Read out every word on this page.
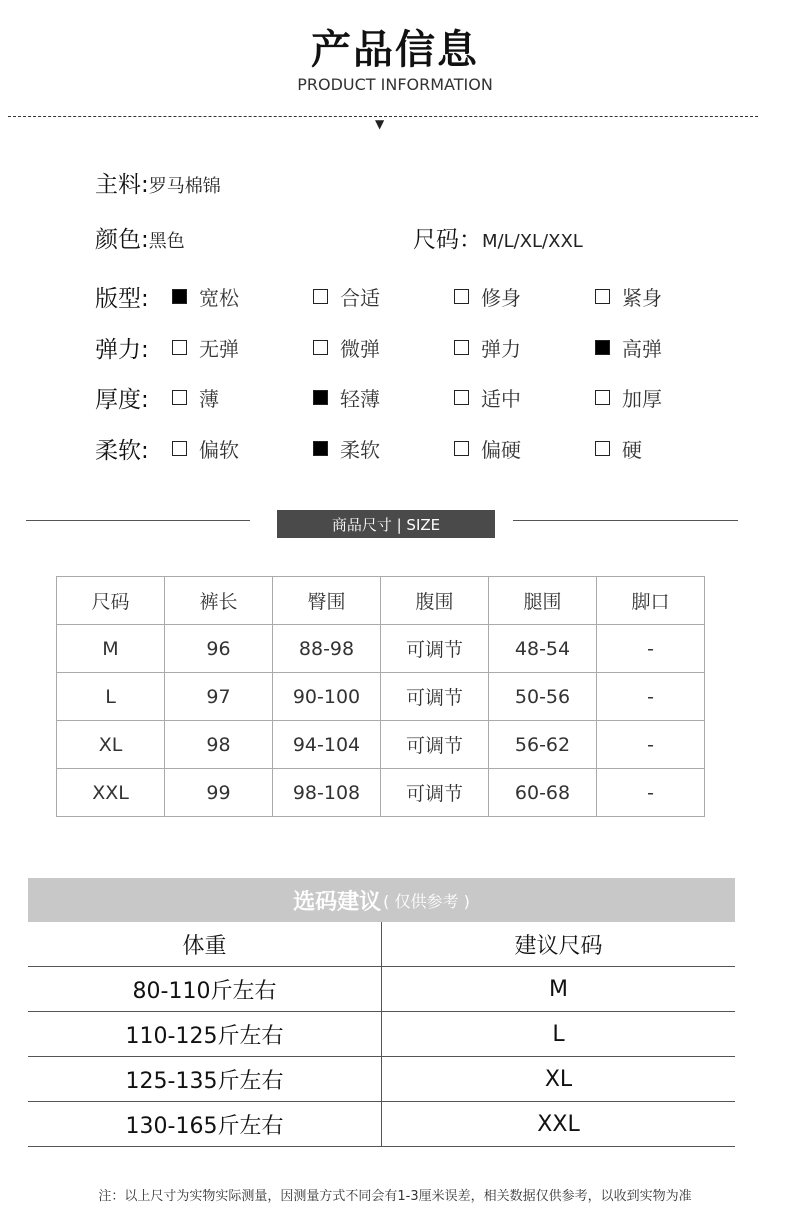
产品信息
PRODUCT INFORMATION
▼
主料:罗马棉锦
颜色:黑色	尺码：M/L/XL/XXL
版型:	宽松	合适	修身	紧身
弹力:	无弹	微弹	弹力	高弹
厚度:	薄	轻薄	适中	加厚
柔软:	偏软	柔软	偏硬	硬
商品尺寸 | SIZE
尺码	裤长	臀围	腹围	腿围	脚口
M	96	88-98	可调节	48-54	-
L	97	90-100	可调节	50-56	-
XL	98	94-104	可调节	56-62	-
XXL	99	98-108	可调节	60-68	-
选码建议 ( 仅供参考 )
体重	建议尺码
80-110斤左右	M
110-125斤左右	L
125-135斤左右	XL
130-165斤左右	XXL
注：以上尺寸为实物实际测量，因测量方式不同会有1-3厘米误差，相关数据仅供参考，以收到实物为准
